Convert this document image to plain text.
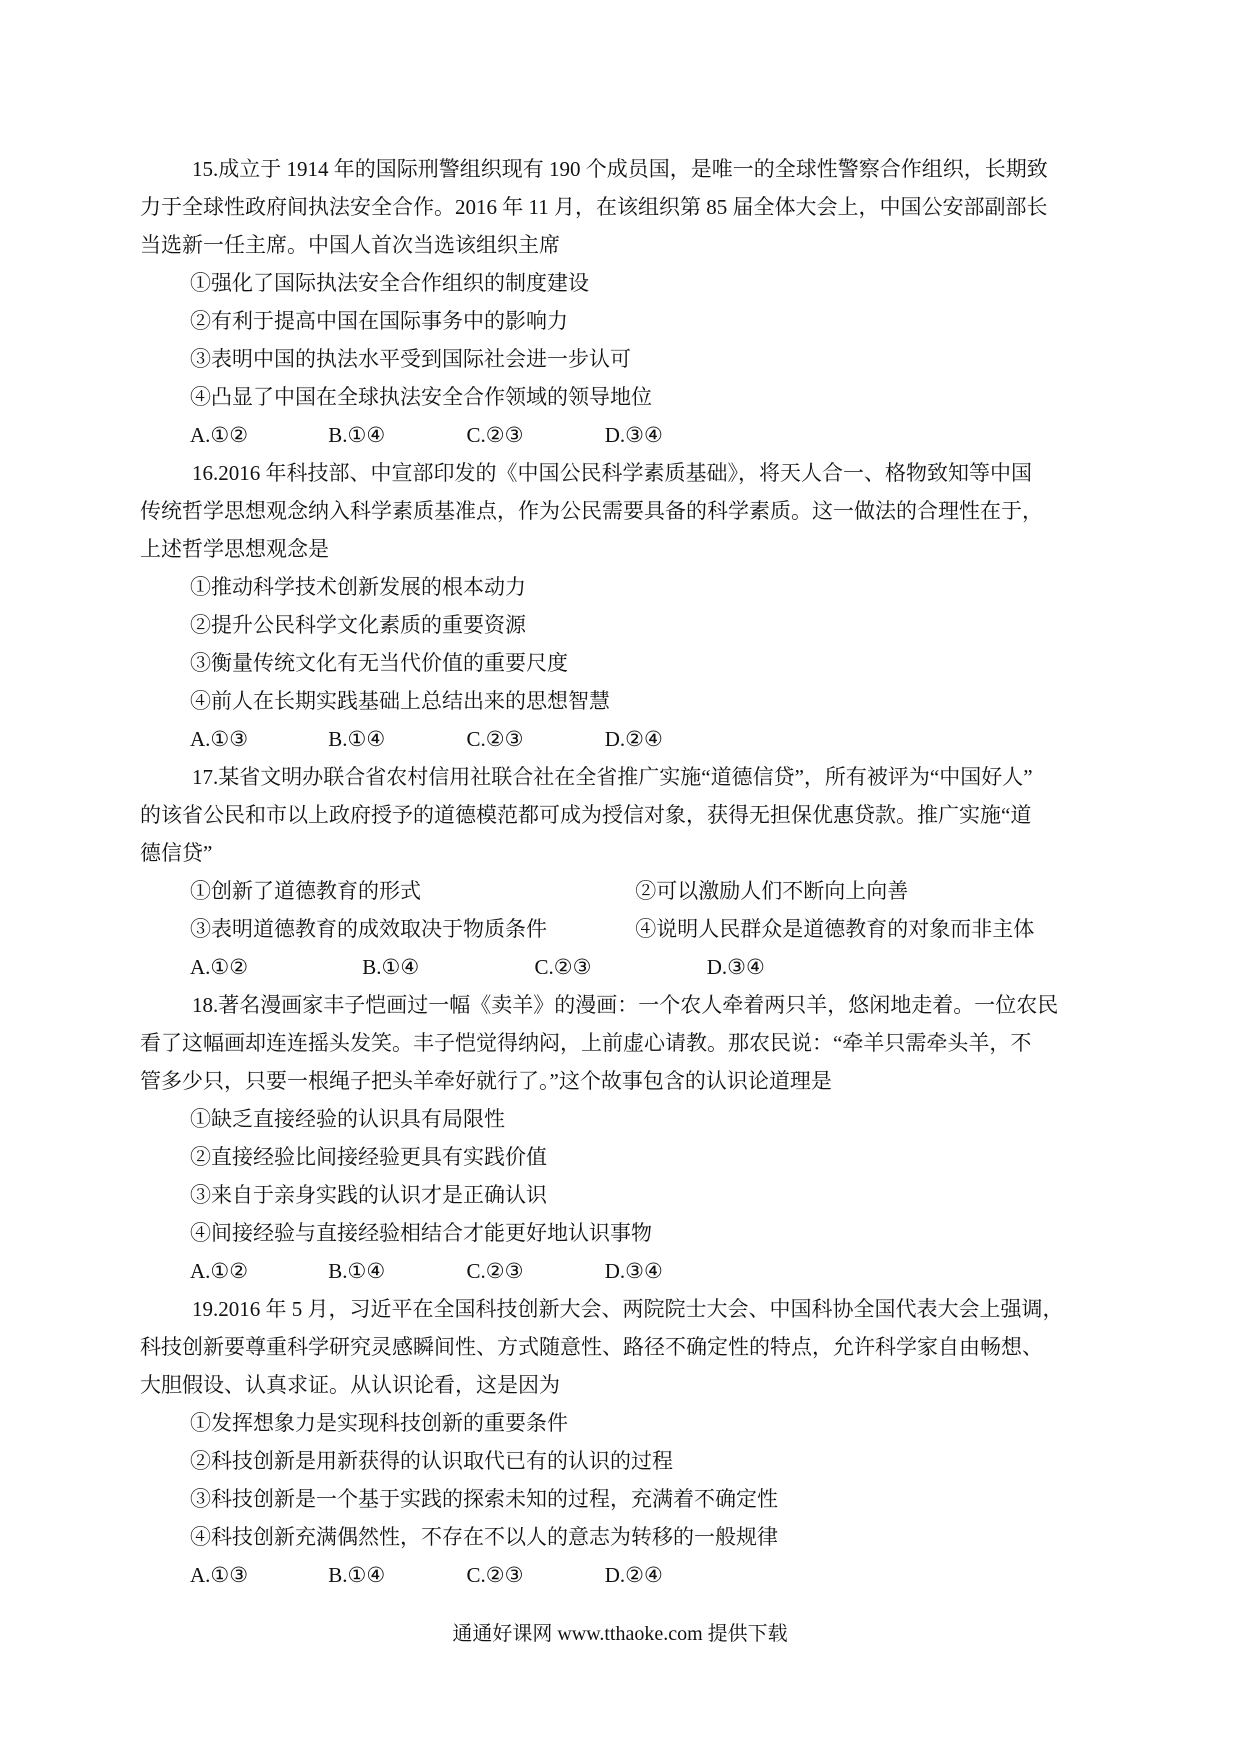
15.成立于 1914 年的国际刑警组织现有 190 个成员国，是唯一的全球性警察合作组织，长期致
力于全球性政府间执法安全合作。2016 年 11 月，在该组织第 85 届全体大会上，中国公安部副部长
当选新一任主席。中国人首次当选该组织主席
①强化了国际执法安全合作组织的制度建设
②有利于提高中国在国际事务中的影响力
③表明中国的执法水平受到国际社会进一步认可
④凸显了中国在全球执法安全合作领域的领导地位
A.①②	B.①④	C.②③	D.③④
16.2016 年科技部、中宣部印发的《中国公民科学素质基础》，将天人合一、格物致知等中国
传统哲学思想观念纳入科学素质基准点，作为公民需要具备的科学素质。这一做法的合理性在于，
上述哲学思想观念是
①推动科学技术创新发展的根本动力
②提升公民科学文化素质的重要资源
③衡量传统文化有无当代价值的重要尺度
④前人在长期实践基础上总结出来的思想智慧
A.①③	B.①④	C.②③	D.②④
17.某省文明办联合省农村信用社联合社在全省推广实施“道德信贷”，所有被评为“中国好人”
的该省公民和市以上政府授予的道德模范都可成为授信对象，获得无担保优惠贷款。推广实施“道
德信贷”
①创新了道德教育的形式	②可以激励人们不断向上向善
③表明道德教育的成效取决于物质条件	④说明人民群众是道德教育的对象而非主体
A.①②	B.①④	C.②③	D.③④
18.著名漫画家丰子恺画过一幅《卖羊》的漫画：一个农人牵着两只羊，悠闲地走着。一位农民
看了这幅画却连连摇头发笑。丰子恺觉得纳闷，上前虚心请教。那农民说：“牵羊只需牵头羊，不
管多少只，只要一根绳子把头羊牵好就行了。”这个故事包含的认识论道理是
①缺乏直接经验的认识具有局限性
②直接经验比间接经验更具有实践价值
③来自于亲身实践的认识才是正确认识
④间接经验与直接经验相结合才能更好地认识事物
A.①②	B.①④	C.②③	D.③④
19.2016 年 5 月，习近平在全国科技创新大会、两院院士大会、中国科协全国代表大会上强调，
科技创新要尊重科学研究灵感瞬间性、方式随意性、路径不确定性的特点，允许科学家自由畅想、
大胆假设、认真求证。从认识论看，这是因为
①发挥想象力是实现科技创新的重要条件
②科技创新是用新获得的认识取代已有的认识的过程
③科技创新是一个基于实践的探索未知的过程，充满着不确定性
④科技创新充满偶然性，不存在不以人的意志为转移的一般规律
A.①③	B.①④	C.②③	D.②④
通通好课网 www.tthaoke.com 提供下载
